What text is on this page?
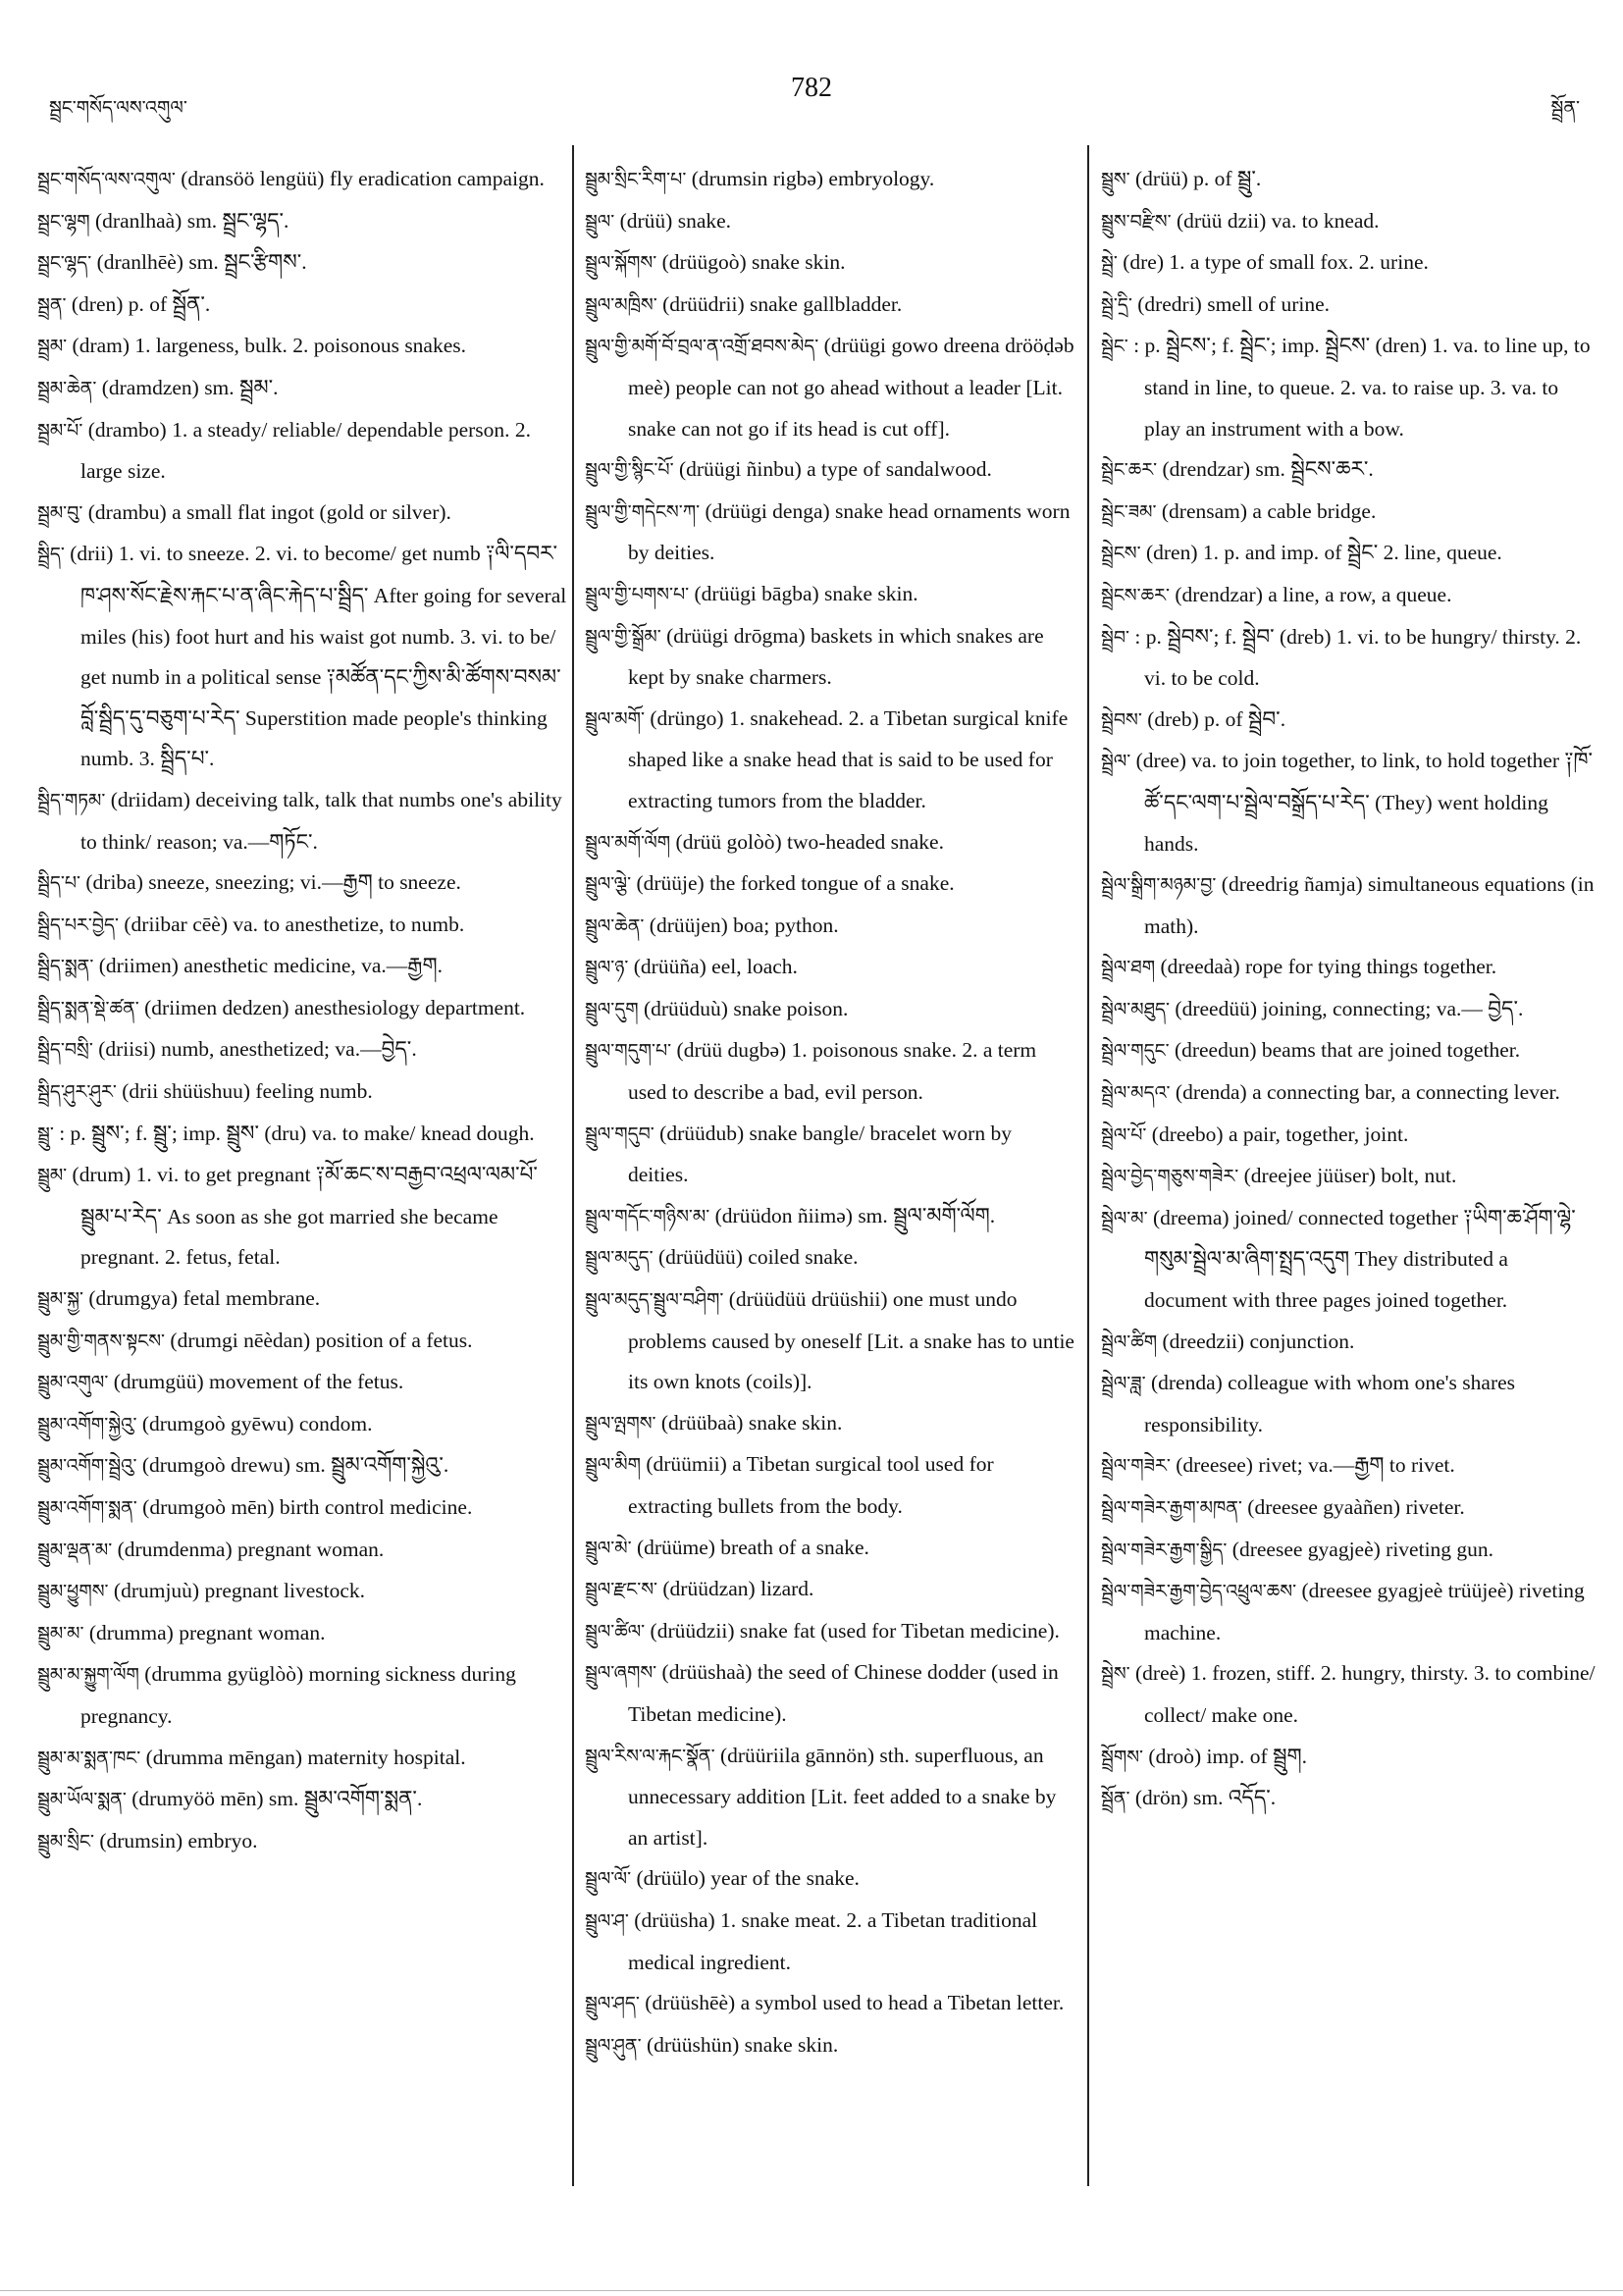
སྦྲང་གསོད་ལས་འགུལ་
782
སྦྲོན་

སྦྲང་གསོད་ལས་འགུལ་ (dransöö lengüü) fly eradication campaign.

སྦྲང་ལྷག (dranlhaà) sm. སྦྲང་ལྷད་.

སྦྲང་ལྷད་ (dranlhēè) sm. སྦྲང་རྩིགས་.

སྦྲན་ (dren) p. of སྦྲོན་.

སྦྲམ་ (dram) 1. largeness, bulk. 2. poisonous snakes.

སྦྲམ་ཆེན་ (dramdzen) sm. སྦྲམ་.

སྦྲམ་པོ་ (drambo) 1. a steady/ reliable/ dependable person. 2. large size.

སྦྲམ་བུ་ (drambu) a small flat ingot (gold or silver).

སྦྲིད་ (drii) 1. vi. to sneeze. 2. vi. to become/ get numb ༑ལི་དབར་ཁ་ཤས་སོང་རྗེས་རྐང་པ་ན་ཞིང་རྐེད་པ་སྦྲིད་ After going for several miles (his) foot hurt and his waist got numb. 3. vi. to be/ get numb in a political sense ༑མཚོན་དང་ཀྱིས་མི་ཚོགས་བསམ་བློ་སྦྲིད་དུ་བཅུག་པ་རེད་ Superstition made people's thinking numb. 3. སྦྲིད་པ་.

སྦྲིད་གཏམ་ (driidam) deceiving talk, talk that numbs one's ability to think/ reason; va.—གཏོང་.

སྦྲིད་པ་ (driba) sneeze, sneezing; vi.—རྒྱག to sneeze.

སྦྲིད་པར་བྱེད་ (driibar cēè) va. to anesthetize, to numb.

སྦྲིད་སྨན་ (driimen) anesthetic medicine, va.—རྒྱག.

སྦྲིད་སྨན་སྡེ་ཚན་ (driimen dedzen) anesthesiology department.

སྦྲིད་བསྲི་ (driisi) numb, anesthetized; va.—བྱེད་.

སྦྲིད་ཤུར་ཤུར་ (drii shüüshuu) feeling numb.

སྦྲུ་ : p. སྦྲུས་; f. སྦྲུ་; imp. སྦྲུས་ (dru) va. to make/ knead dough.

སྦྲུམ་ (drum) 1. vi. to get pregnant ༑མོ་ཆང་ས་བརྒྱབ་འཕྲལ་ལམ་པོ་སྦྲུམ་པ་རེད་ As soon as she got married she became pregnant. 2. fetus, fetal.

སྦྲུམ་སྐྱ་ (drumgya) fetal membrane.

སྦྲུམ་གྱི་གནས་སྟངས་ (drumgi nēèdan) position of a fetus.

སྦྲུམ་འགུལ་ (drumgüü) movement of the fetus.

སྦྲུམ་འགོག་སྐྱེའུ་ (drumgoò gyēwu) condom.

སྦྲུམ་འགོག་སྦྲེའུ་ (drumgoò drewu) sm. སྦྲུམ་འགོག་སྐྱེའུ་.

སྦྲུམ་འགོག་སྨན་ (drumgoò mēn) birth control medicine.

སྦྲུམ་ལྡན་མ་ (drumdenma) pregnant woman.

སྦྲུམ་ཕྱུགས་ (drumjuù) pregnant livestock.

སྦྲུམ་མ་ (drumma) pregnant woman.

སྦྲུམ་མ་སྐྱུག་ལོག (drumma gyüglòò) morning sickness during pregnancy.

སྦྲུམ་མ་སྨན་ཁང་ (drumma mēngan) maternity hospital.

སྦྲུམ་ཡོལ་སྨན་ (drumyöö mēn) sm. སྦྲུམ་འགོག་སྨན་.

སྦྲུམ་སྲིང་ (drumsin) embryo.

སྦྲུམ་སྲིང་རིག་པ་ (drumsin rigbə) embryology.

སྦྲུལ་ (drüü) snake.

སྦྲུལ་སྐོགས་ (drüügoò) snake skin.

སྦྲུལ་མཁྲིས་ (drüüdrii) snake gallbladder.

སྦྲུལ་གྱི་མགོ་བོ་བྲལ་ན་འགྲོ་ཐབས་མེད་ (drüügi gowo dreena drööḍəb meè) people can not go ahead without a leader [Lit. snake can not go if its head is cut off].

སྦྲུལ་གྱི་སྙིང་པོ་ (drüügi ñinbu) a type of sandalwood.

སྦྲུལ་གྱི་གདེངས་ཀ་ (drüügi denga) snake head ornaments worn by deities.

སྦྲུལ་གྱི་པགས་པ་ (drüügi bāgba) snake skin.

སྦྲུལ་གྱི་སྒྲོམ་ (drüügi drōgma) baskets in which snakes are kept by snake charmers.

སྦྲུལ་མགོ་ (drüngo) 1. snakehead. 2. a Tibetan surgical knife shaped like a snake head that is said to be used for extracting tumors from the bladder.

སྦྲུལ་མགོ་ལོག (drüü golòò) two-headed snake.

སྦྲུལ་ལྕེ་ (drüüje) the forked tongue of a snake.

སྦྲུལ་ཆེན་ (drüüjen) boa; python.

སྦྲུལ་ཉ་ (drüüña) eel, loach.

སྦྲུལ་དུག (drüüduù) snake poison.

སྦྲུལ་གདུག་པ་ (drüü dugbə) 1. poisonous snake. 2. a term used to describe a bad, evil person.

སྦྲུལ་གདུབ་ (drüüdub) snake bangle/ bracelet worn by deities.

སྦྲུལ་གདོང་གཉིས་མ་ (drüüdon ñiimə) sm. སྦྲུལ་མགོ་ལོག.

སྦྲུལ་མདུད་ (drüüdüü) coiled snake.

སྦྲུལ་མདུད་སྦྲུལ་བཤིག་ (drüüdüü drüüshii) one must undo problems caused by oneself [Lit. a snake has to untie its own knots (coils)].

སྦྲུལ་ལྤགས་ (drüübaà) snake skin.

སྦྲུལ་མིག (drüümii) a Tibetan surgical tool used for extracting bullets from the body.

སྦྲུལ་མེ་ (drüüme) breath of a snake.

སྦྲུལ་རྫང་ས་ (drüüdzan) lizard.

སྦྲུལ་ཚིལ་ (drüüdzii) snake fat (used for Tibetan medicine).

སྦྲུལ་ཞགས་ (drüüshaà) the seed of Chinese dodder (used in Tibetan medicine).

སྦྲུལ་རིས་ལ་རྐང་སྣོན་ (drüüriila gānnön) sth. superfluous, an unnecessary addition [Lit. feet added to a snake by an artist].

སྦྲུལ་ལོ་ (drüülo) year of the snake.

སྦྲུལ་ཤ་ (drüüsha) 1. snake meat. 2. a Tibetan traditional medical ingredient.

སྦྲུལ་ཤད་ (drüüshēè) a symbol used to head a Tibetan letter.

སྦྲུལ་ཤུན་ (drüüshün) snake skin.

སྦྲུས་ (drüü) p. of སྦྲུ་.

སྦྲུས་བརྫིས་ (drüü dzii) va. to knead.

སྦྲེ་ (dre) 1. a type of small fox. 2. urine.

སྦྲེ་དྲི་ (dredri) smell of urine.

སྦྲེང་ : p. སྦྲེངས་; f. སྦྲེང་; imp. སྦྲེངས་ (dren) 1. va. to line up, to stand in line, to queue. 2. va. to raise up. 3. va. to play an instrument with a bow.

སྦྲེང་ཆར་ (drendzar) sm. སྦྲེངས་ཆར་.

སྦྲེང་ཟམ་ (drensam) a cable bridge.

སྦྲེངས་ (dren) 1. p. and imp. of སྦྲེང་ 2. line, queue.

སྦྲེངས་ཆར་ (drendzar) a line, a row, a queue.

སྦྲེབ་ : p. སྦྲེབས་; f. སྦྲེབ་ (dreb) 1. vi. to be hungry/ thirsty. 2. vi. to be cold.

སྦྲེབས་ (dreb) p. of སྦྲེབ་.

སྦྲེལ་ (dree) va. to join together, to link, to hold together ༑ཁོ་ཚོ་དང་ལག་པ་སྦྲེལ་བསྒྲོད་པ་རེད་ (They) went holding hands.

སྦྲེལ་སྒྲིག་མཉམ་བྱ་ (dreedrig ñamja) simultaneous equations (in math).

སྦྲེལ་ཐག (dreedaà) rope for tying things together.

སྦྲེལ་མཐུད་ (dreedüü) joining, connecting; va.— བྱེད་.

སྦྲེལ་གདུང་ (dreedun) beams that are joined together.

སྦྲེལ་མདའ་ (drenda) a connecting bar, a connecting lever.

སྦྲེལ་པོ་ (dreebo) a pair, together, joint.

སྦྲེལ་བྱེད་གཅུས་གཟེར་ (dreejee jüüser) bolt, nut.

སྦྲེལ་མ་ (dreema) joined/ connected together ༑ཡིག་ཆ་ཤོག་ལྷེ་གསུམ་སྦྲེལ་མ་ཞིག་སྤྲད་འདུག They distributed a document with three pages joined together.

སྦྲེལ་ཚིག (dreedzii) conjunction.

སྦྲེལ་ཟླ་ (drenda) colleague with whom one's shares responsibility.

སྦྲེལ་གཟེར་ (dreesee) rivet; va.—རྒྱག to rivet.

སྦྲེལ་གཟེར་རྒྱག་མཁན་ (dreesee gyaàñen) riveter.

སྦྲེལ་གཟེར་རྒྱག་སྒྱིད་ (dreesee gyagjeè) riveting gun.

སྦྲེལ་གཟེར་རྒྱག་བྱེད་འཕྲུལ་ཆས་ (dreesee gyagjeè trüüjeè) riveting machine.

སྦྲེས་ (dreè) 1. frozen, stiff. 2. hungry, thirsty. 3. to combine/ collect/ make one.

སྦྲོགས་ (droò) imp. of སྦྲུག.

སྦྲོན་ (drön) sm. འདོད་.
